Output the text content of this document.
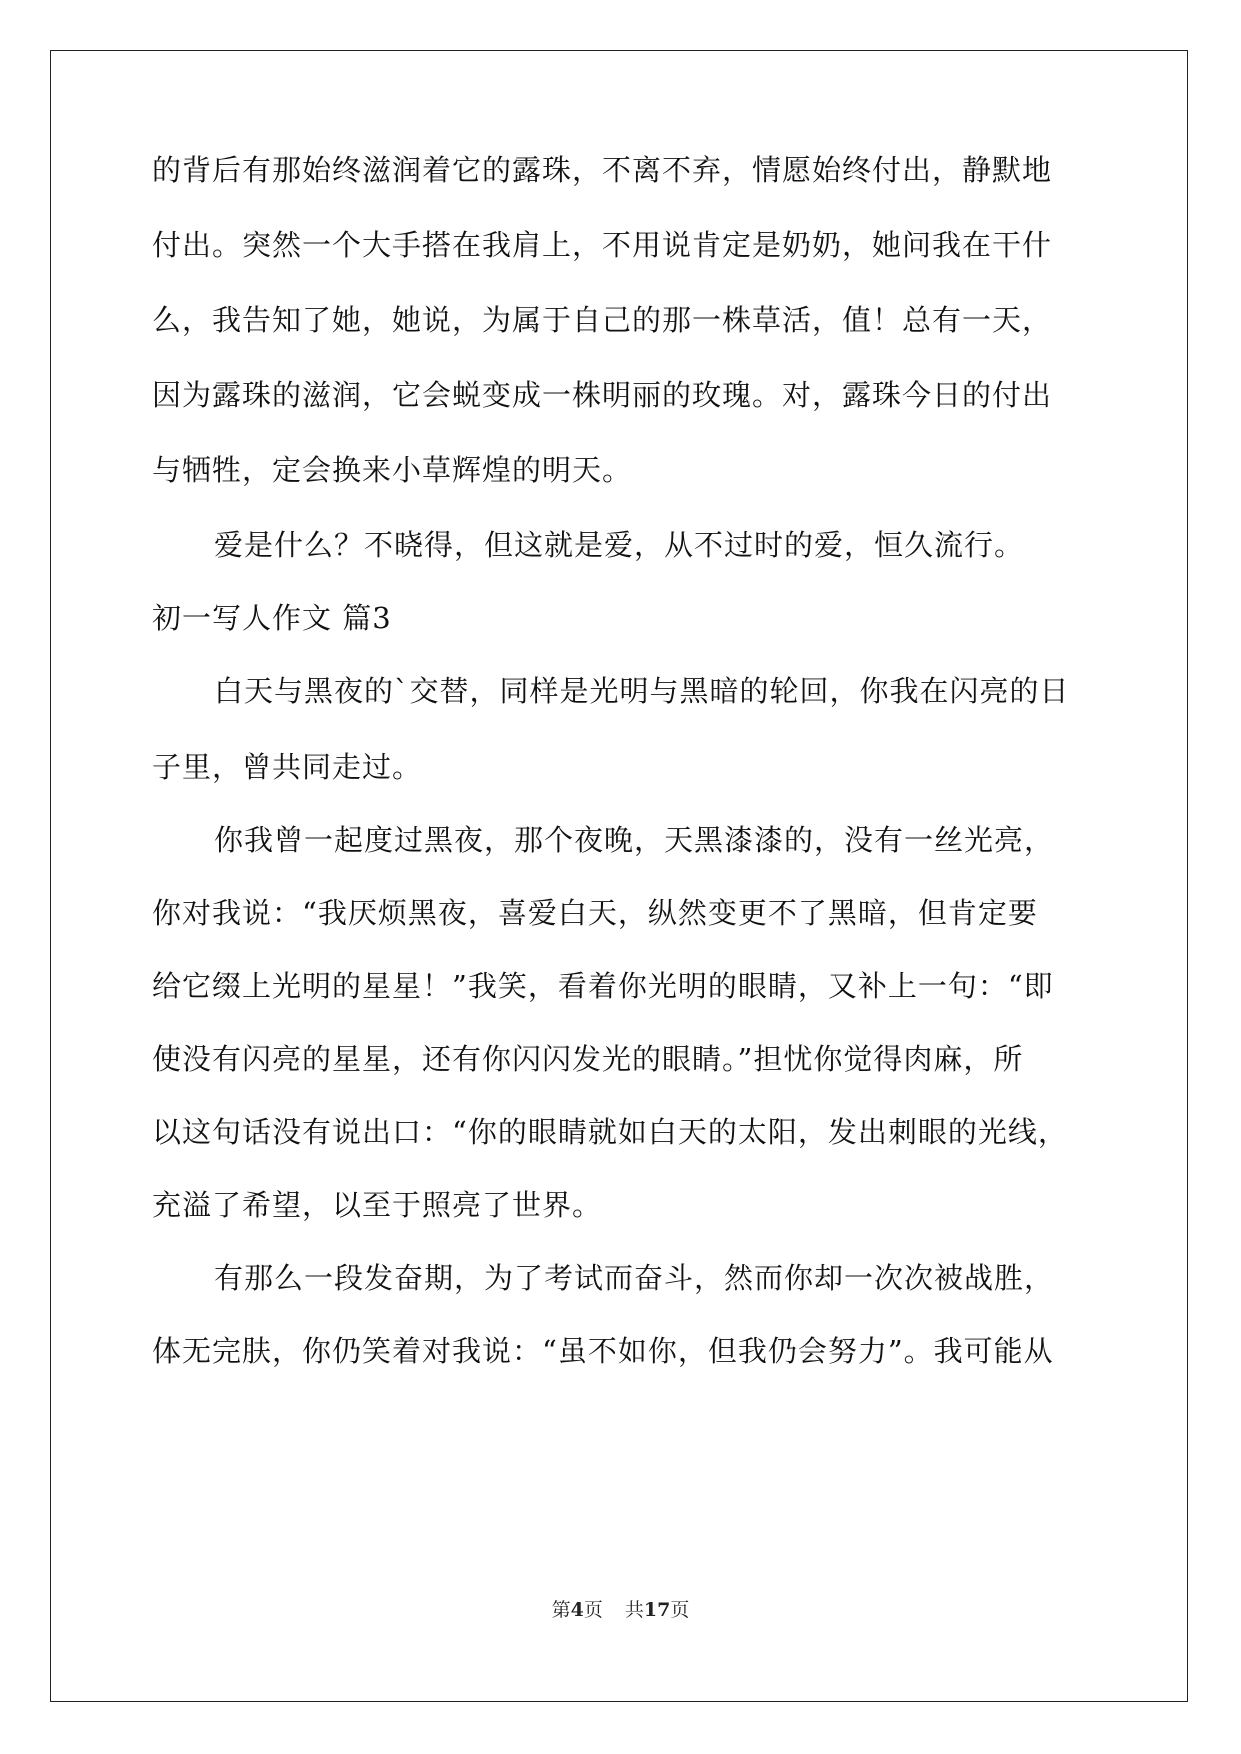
的背后有那始终滋润着它的露珠，不离不弃，情愿始终付出，静默地
付出。突然一个大手搭在我肩上，不用说肯定是奶奶，她问我在干什
么，我告知了她，她说，为属于自己的那一株草活，值！总有一天，
因为露珠的滋润，它会蜕变成一株明丽的玫瑰。对，露珠今日的付出
与牺牲，定会换来小草辉煌的明天。
爱是什么？不晓得，但这就是爱，从不过时的爱，恒久流行。
初一写人作文 篇3
白天与黑夜的`交替，同样是光明与黑暗的轮回，你我在闪亮的日
子里，曾共同走过。
你我曾一起度过黑夜，那个夜晚，天黑漆漆的，没有一丝光亮，
你对我说：“我厌烦黑夜，喜爱白天，纵然变更不了黑暗，但肯定要
给它缀上光明的星星！”我笑，看着你光明的眼睛，又补上一句：“即
使没有闪亮的星星，还有你闪闪发光的眼睛。”担忧你觉得肉麻，所
以这句话没有说出口：“你的眼睛就如白天的太阳，发出刺眼的光线，
充溢了希望，以至于照亮了世界。
有那么一段发奋期，为了考试而奋斗，然而你却一次次被战胜，
体无完肤，你仍笑着对我说：“虽不如你，但我仍会努力”。我可能从
第4页 共17页
